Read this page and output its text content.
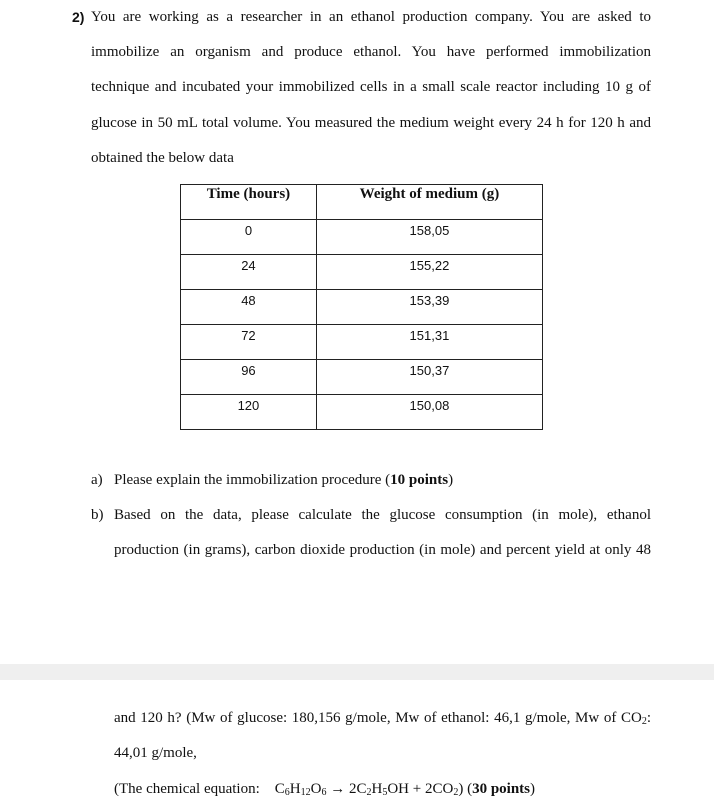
2) You are working as a researcher in an ethanol production company. You are asked to
immobilize an organism and produce ethanol. You have performed immobilization
technique and incubated your immobilized cells in a small scale reactor including 10 g of
glucose in 50 mL total volume. You measured the medium weight every 24 h for 120 h and
obtained the below data
Time (hours)	Weight of medium (g)
0	158,05
24	155,22
48	153,39
72	151,31
96	150,37
120	150,08
a) Please explain the immobilization procedure (10 points)
b) Based on the data, please calculate the glucose consumption (in mole), ethanol
production (in grams), carbon dioxide production (in mole) and percent yield at only 48
and 120 h? (Mw of glucose: 180,156 g/mole, Mw of ethanol: 46,1 g/mole, Mw of $CO_2$:
44,01 g/mole,
(The chemical equation: $C_6H_{12}O_6 \to 2C_2H_5OH + 2CO_2$) (30 points)
